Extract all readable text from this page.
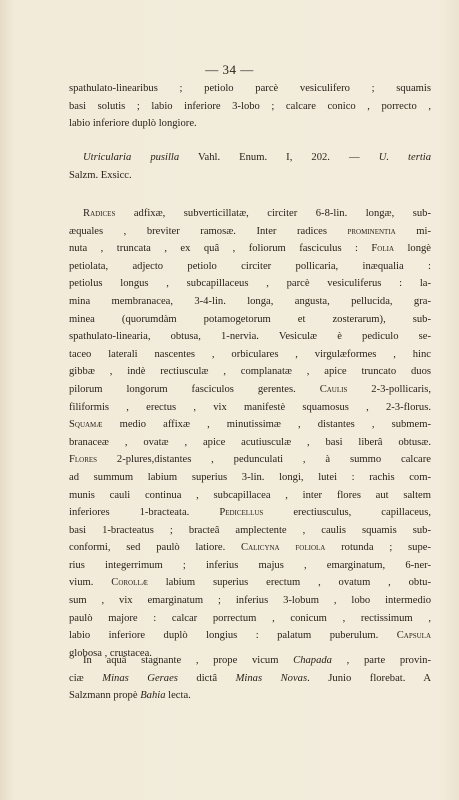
— 34 —
spathulato-linearibus ; petiolo parcè vesiculifero ; squamis
basi solutis ; labio inferiore 3-lobo ; calcare conico , porrecto ,
labio inferiore duplò longiore.
Utricularia pusilla Vahl. Enum. I, 202. — U. tertia
Salzm. Exsicc.
Radices adfixæ, subverticillatæ, circiter 6-8-lin. longæ, sub-
æquales , breviter ramosæ. Inter radices prominentia mi-
nuta , truncata , ex quâ , foliorum fasciculus : Folia longè
petiolata, adjecto petiolo circiter pollicaria, inæqualia :
petiolus longus , subcapillaceus , parcè vesiculiferus : la-
mina membranacea, 3-4-lin. longa, angusta, pellucida, gra-
minea (quorumdàm potamogetorum et zosterarum), sub-
spathulato-linearia, obtusa, 1-nervia. Vesiculæ è pediculo se-
taceo laterali nascentes , orbiculares , virgulæformes , hinc
gibbæ , indè rectiusculæ , complanatæ , apice truncato duos
pilorum longorum fasciculos gerentes. Caulis 2-3-pollicaris,
filiformis , erectus , vix manifestè squamosus , 2-3-florus.
Squamæ medio affixæ , minutissimæ , distantes , submem-
branaceæ , ovatæ , apice acutiusculæ , basi liberâ obtusæ.
Flores 2-plures,distantes , pedunculati , à summo calcare
ad summum labium superius 3-lin. longi, lutei : rachis com-
munis cauli continua , subcapillacea , inter flores aut saltem
inferiores 1-bracteata. Pedicellus erectiusculus, capillaceus,
basi 1-bracteatus ; bracteâ amplectente , caulis squamis sub-
conformi, sed paulò latiore. Calicyna foliola rotunda ; supe-
rius integerrimum ; inferius majus , emarginatum, 6-ner-
vium. Corollæ labium superius erectum , ovatum , obtu-
sum , vix emarginatum ; inferius 3-lobum , lobo intermedio
paulò majore : calcar porrectum , conicum , rectissimum ,
labio inferiore duplò longius : palatum puberulum. Capsula
globosa , crustacea.
In aquâ stagnante , prope vicum Chapada , parte provin-
ciæ Minas Geraes dictâ Minas Novas. Junio florebat. A
Salzmann propè Bahia lecta.
